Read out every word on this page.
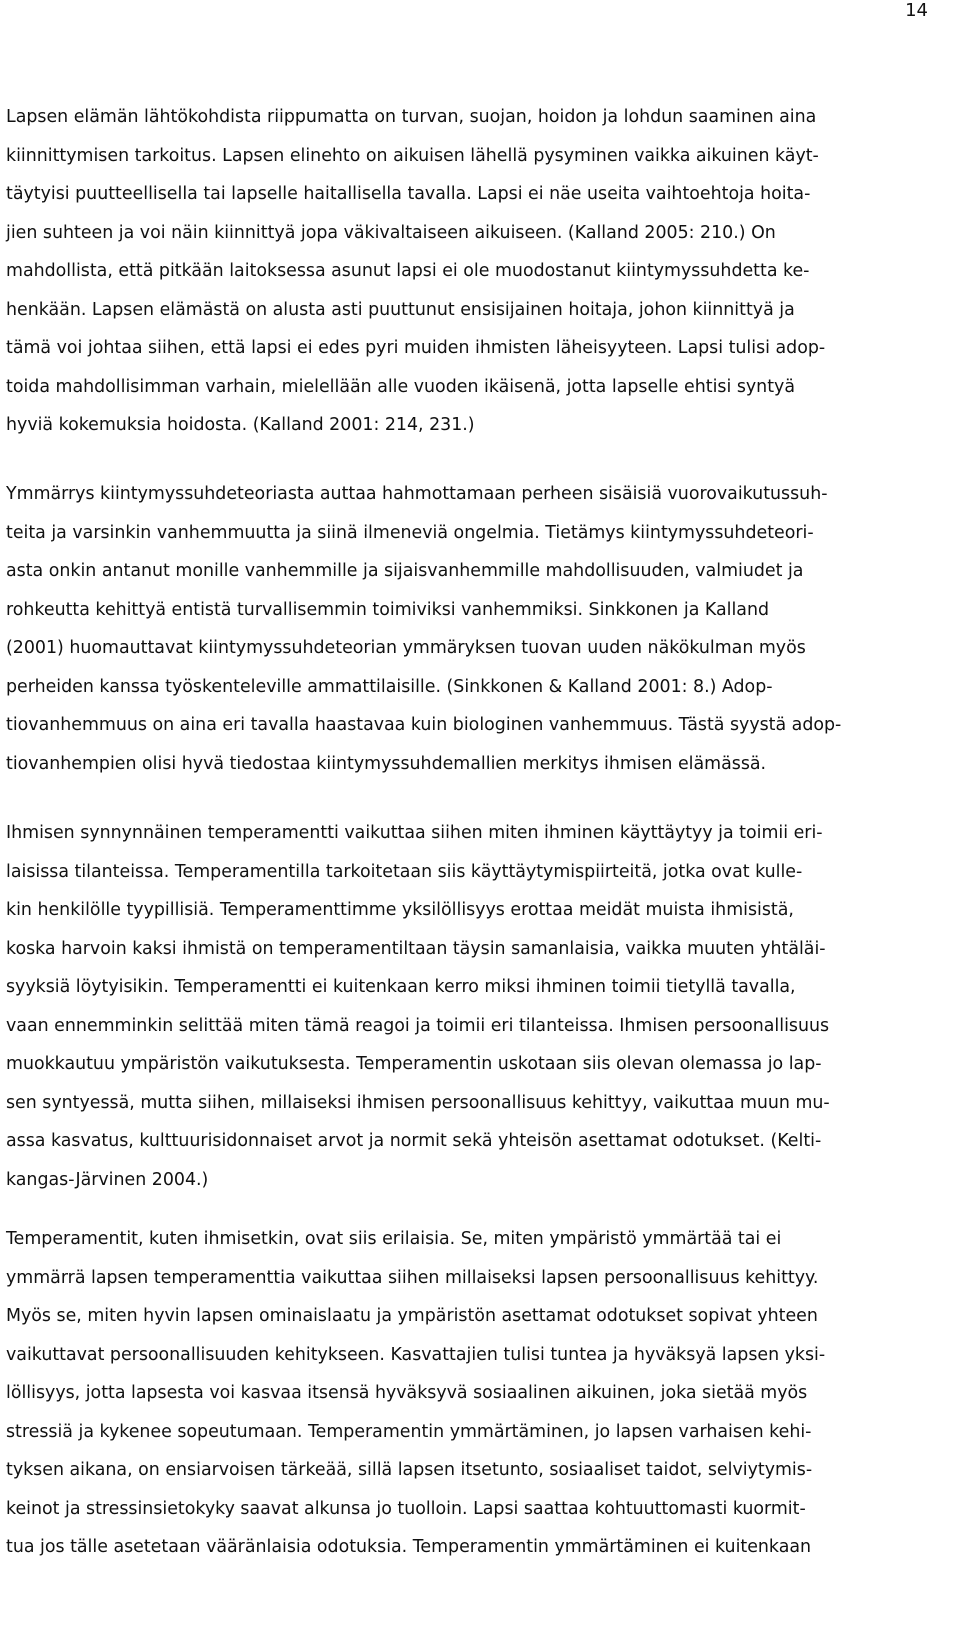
14
Lapsen elämän lähtökohdista riippumatta on turvan, suojan, hoidon ja lohdun saaminen aina
kiinnittymisen tarkoitus. Lapsen elinehto on aikuisen lähellä pysyminen vaikka aikuinen käyt-
täytyisi puutteellisella tai lapselle haitallisella tavalla. Lapsi ei näe useita vaihtoehtoja hoita-
jien suhteen ja voi näin kiinnittyä jopa väkivaltaiseen aikuiseen. (Kalland 2005: 210.) On
mahdollista, että pitkään laitoksessa asunut lapsi ei ole muodostanut kiintymyssuhdetta ke-
henkään. Lapsen elämästä on alusta asti puuttunut ensisijainen hoitaja, johon kiinnittyä ja
tämä voi johtaa siihen, että lapsi ei edes pyri muiden ihmisten läheisyyteen. Lapsi tulisi adop-
toida mahdollisimman varhain, mielellään alle vuoden ikäisenä, jotta lapselle ehtisi syntyä
hyviä kokemuksia hoidosta. (Kalland 2001: 214, 231.)
Ymmärrys kiintymyssuhdeteoriasta auttaa hahmottamaan perheen sisäisiä vuorovaikutussuh-
teita ja varsinkin vanhemmuutta ja siinä ilmeneviä ongelmia. Tietämys kiintymyssuhdeteori-
asta onkin antanut monille vanhemmille ja sijaisvanhemmille mahdollisuuden, valmiudet ja
rohkeutta kehittyä entistä turvallisemmin toimiviksi vanhemmiksi. Sinkkonen ja Kalland
(2001) huomauttavat kiintymyssuhdeteorian ymmäryksen tuovan uuden näkökulman myös
perheiden kanssa työskenteleville ammattilaisille. (Sinkkonen & Kalland 2001: 8.) Adop-
tiovanhemmuus on aina eri tavalla haastavaa kuin biologinen vanhemmuus. Tästä syystä adop-
tiovanhempien olisi hyvä tiedostaa kiintymyssuhdemallien merkitys ihmisen elämässä.
Ihmisen synnynnäinen temperamentti vaikuttaa siihen miten ihminen käyttäytyy ja toimii eri-
laisissa tilanteissa. Temperamentilla tarkoitetaan siis käyttäytymispiirteitä, jotka ovat kulle-
kin henkilölle tyypillisiä. Temperamenttimme yksilöllisyys erottaa meidät muista ihmisistä,
koska harvoin kaksi ihmistä on temperamentiltaan täysin samanlaisia, vaikka muuten yhtäläi-
syyksiä löytyisikin. Temperamentti ei kuitenkaan kerro miksi ihminen toimii tietyllä tavalla,
vaan ennemminkin selittää miten tämä reagoi ja toimii eri tilanteissa. Ihmisen persoonallisuus
muokkautuu ympäristön vaikutuksesta. Temperamentin uskotaan siis olevan olemassa jo lap-
sen syntyessä, mutta siihen, millaiseksi ihmisen persoonallisuus kehittyy, vaikuttaa muun mu-
assa kasvatus, kulttuurisidonnaiset arvot ja normit sekä yhteisön asettamat odotukset. (Kelti-
kangas-Järvinen 2004.)
Temperamentit, kuten ihmisetkin, ovat siis erilaisia. Se, miten ympäristö ymmärtää tai ei
ymmärrä lapsen temperamenttia vaikuttaa siihen millaiseksi lapsen persoonallisuus kehittyy.
Myös se, miten hyvin lapsen ominaislaatu ja ympäristön asettamat odotukset sopivat yhteen
vaikuttavat persoonallisuuden kehitykseen. Kasvattajien tulisi tuntea ja hyväksyä lapsen yksi-
löllisyys, jotta lapsesta voi kasvaa itsensä hyväksyvä sosiaalinen aikuinen, joka sietää myös
stressiä ja kykenee sopeutumaan. Temperamentin ymmärtäminen, jo lapsen varhaisen kehi-
tyksen aikana, on ensiarvoisen tärkeää, sillä lapsen itsetunto, sosiaaliset taidot, selviytymis-
keinot ja stressinsietokyky saavat alkunsa jo tuolloin. Lapsi saattaa kohtuuttomasti kuormit-
tua jos tälle asetetaan vääränlaisia odotuksia. Temperamentin ymmärtäminen ei kuitenkaan
